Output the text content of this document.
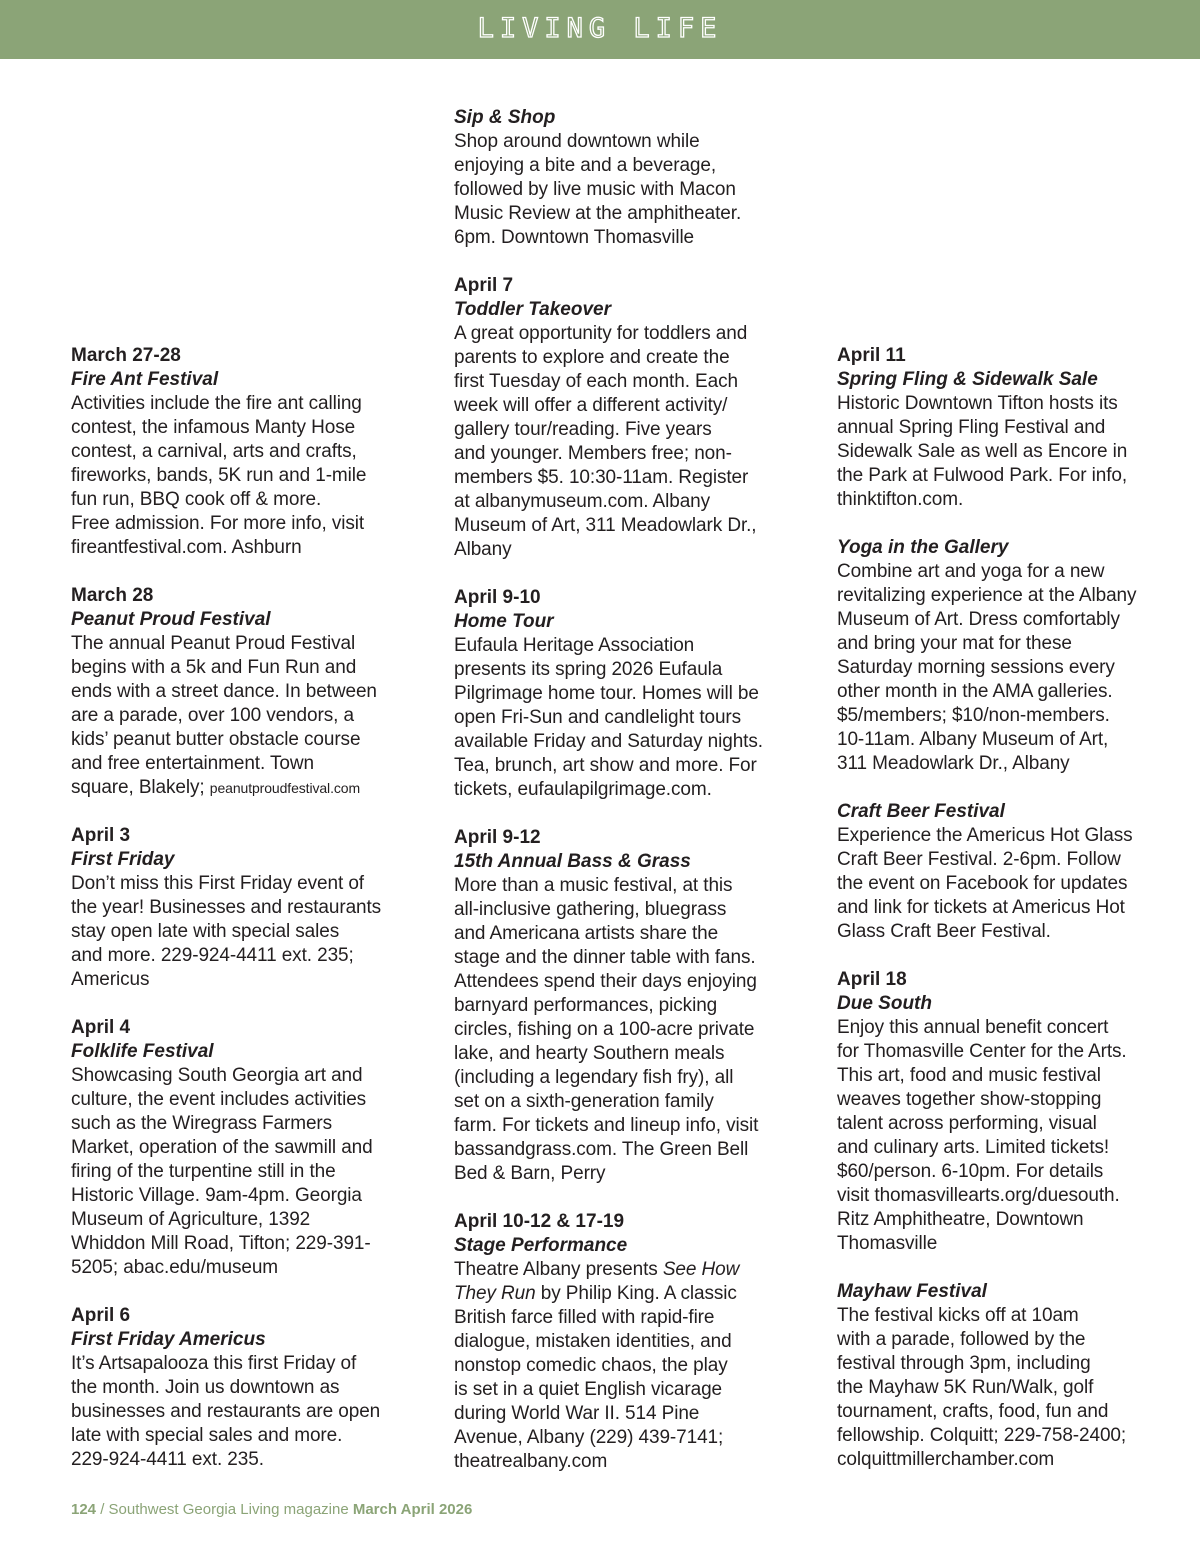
LIVING LIFE

March 27-28

Fire Ant Festival

Activities include the fire ant calling
contest, the infamous Manty Hose
contest, a carnival, arts and crafts,
fireworks, bands, 5K run and 1-mile
fun run, BBQ cook off & more.
Free admission. For more info, visit
fireantfestival.com. Ashburn

March 28

Peanut Proud Festival

The annual Peanut Proud Festival
begins with a 5k and Fun Run and
ends with a street dance. In between
are a parade, over 100 vendors, a
kids’ peanut butter obstacle course
and free entertainment. Town
square, Blakely; peanutproudfestival.com

April 3

First Friday

Don’t miss this First Friday event of
the year! Businesses and restaurants
stay open late with special sales
and more. 229-924-4411 ext. 235;
Americus

April 4

Folklife Festival

Showcasing South Georgia art and
culture, the event includes activities
such as the Wiregrass Farmers
Market, operation of the sawmill and
firing of the turpentine still in the
Historic Village. 9am-4pm. Georgia
Museum of Agriculture, 1392
Whiddon Mill Road, Tifton; 229-391-
5205; abac.edu/museum

April 6

First Friday Americus

It’s Artsapalooza this first Friday of
the month. Join us downtown as
businesses and restaurants are open
late with special sales and more.
229-924-4411 ext. 235.

Sip & Shop

Shop around downtown while
enjoying a bite and a beverage,
followed by live music with Macon
Music Review at the amphitheater.
6pm. Downtown Thomasville

April 7

Toddler Takeover

A great opportunity for toddlers and
parents to explore and create the
first Tuesday of each month. Each
week will offer a different activity/
gallery tour/reading. Five years
and younger. Members free; non-
members $5. 10:30-11am. Register
at albanymuseum.com. Albany
Museum of Art, 311 Meadowlark Dr.,
Albany

April 9-10

Home Tour

Eufaula Heritage Association
presents its spring 2026 Eufaula
Pilgrimage home tour. Homes will be
open Fri-Sun and candlelight tours
available Friday and Saturday nights.
Tea, brunch, art show and more. For
tickets, eufaulapilgrimage.com.

April 9-12

15th Annual Bass & Grass

More than a music festival, at this
all-inclusive gathering, bluegrass
and Americana artists share the
stage and the dinner table with fans.
Attendees spend their days enjoying
barnyard performances, picking
circles, fishing on a 100-acre private
lake, and hearty Southern meals
(including a legendary fish fry), all
set on a sixth-generation family
farm. For tickets and lineup info, visit
bassandgrass.com. The Green Bell
Bed & Barn, Perry

April 10-12 & 17-19

Stage Performance

Theatre Albany presents See How
They Run by Philip King. A classic
British farce filled with rapid-fire
dialogue, mistaken identities, and
nonstop comedic chaos, the play
is set in a quiet English vicarage
during World War II. 514 Pine
Avenue, Albany (229) 439-7141;
theatrealbany.com

April 11

Spring Fling & Sidewalk Sale

Historic Downtown Tifton hosts its
annual Spring Fling Festival and
Sidewalk Sale as well as Encore in
the Park at Fulwood Park. For info,
thinktifton.com.

Yoga in the Gallery

Combine art and yoga for a new
revitalizing experience at the Albany
Museum of Art. Dress comfortably
and bring your mat for these
Saturday morning sessions every
other month in the AMA galleries.
$5/members; $10/non-members.
10-11am. Albany Museum of Art,
311 Meadowlark Dr., Albany

Craft Beer Festival

Experience the Americus Hot Glass
Craft Beer Festival. 2-6pm. Follow
the event on Facebook for updates
and link for tickets at Americus Hot
Glass Craft Beer Festival.

April 18

Due South

Enjoy this annual benefit concert
for Thomasville Center for the Arts.
This art, food and music festival
weaves together show-stopping
talent across performing, visual
and culinary arts. Limited tickets!
$60/person. 6-10pm. For details
visit thomasvillearts.org/duesouth.
Ritz Amphitheatre, Downtown
Thomasville

Mayhaw Festival

The festival kicks off at 10am
with a parade, followed by the
festival through 3pm, including
the Mayhaw 5K Run/Walk, golf
tournament, crafts, food, fun and
fellowship. Colquitt; 229-758-2400;
colquittmillerchamber.com
124 / Southwest Georgia Living magazine March April 2026
